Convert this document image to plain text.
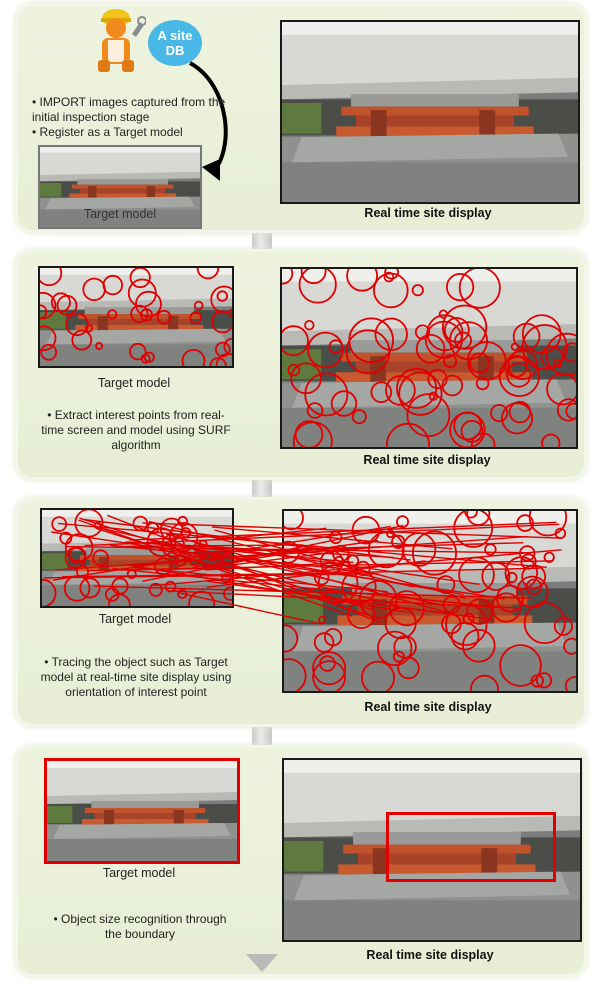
A site
DB
• IMPORT images captured from the initial inspection stage
• Register as a Target model
Target model	Real time site display
Target model
• Extract interest points from real-time screen and model using SURF algorithm
Real time site display
Target model
• Tracing the object such as Target model at real-time site display using orientation of interest point
Real time site display
Target model
• Object size recognition through the boundary
Real time site display
